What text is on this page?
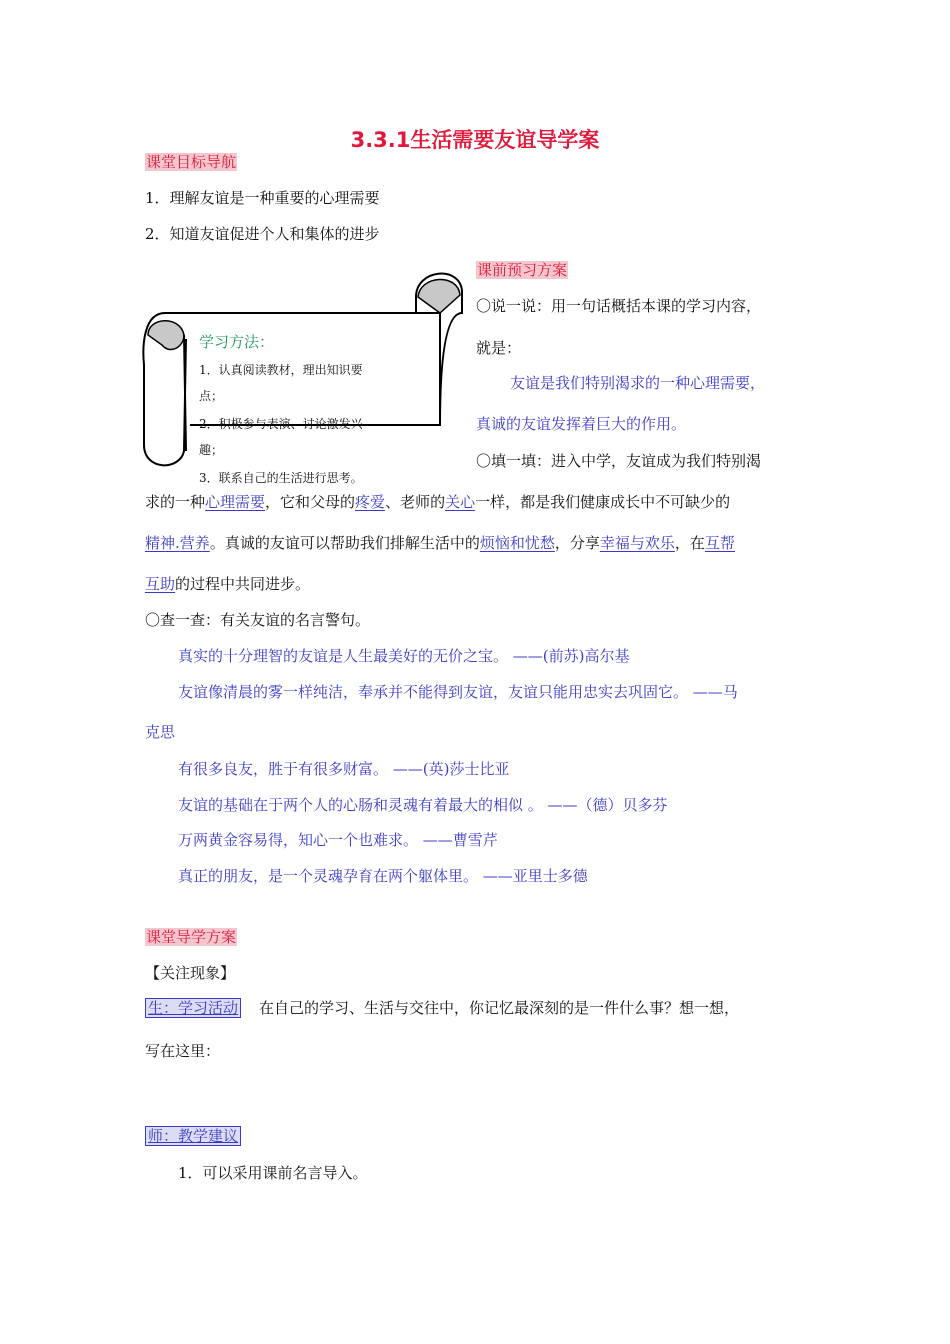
3.3.1生活需要友谊导学案
课堂目标导航
1．理解友谊是一种重要的心理需要
2．知道友谊促进个人和集体的进步
学习方法：
1．认真阅读教材，理出知识要
点；
2．积极参与表演、讨论激发兴
趣；
3．联系自己的生活进行思考。
课前预习方案
〇说一说：用一句话概括本课的学习内容，
就是：
友谊是我们特别渴求的一种心理需要，
真诚的友谊发挥着巨大的作用。
〇填一填：进入中学，友谊成为我们特别渴
求的一种心理需要，它和父母的疼爱、老师的关心一样，都是我们健康成长中不可缺少的
精神.营养。真诚的友谊可以帮助我们排解生活中的烦恼和忧愁，分享幸福与欢乐，在互帮
互助的过程中共同进步。
〇查一查：有关友谊的名言警句。
真实的十分理智的友谊是人生最美好的无价之宝。 ——(前苏)高尔基
友谊像清晨的雾一样纯洁，奉承并不能得到友谊，友谊只能用忠实去巩固它。 ——马
克思
有很多良友，胜于有很多财富。 ——(英)莎士比亚
友谊的基础在于两个人的心肠和灵魂有着最大的相似 。 ——（德）贝多芬
万两黄金容易得，知心一个也难求。 ——曹雪芹
真正的朋友，是一个灵魂孕育在两个躯体里。 ——亚里士多德
课堂导学方案
【关注现象】
生：学习活动 在自己的学习、生活与交往中，你记忆最深刻的是一件什么事？想一想，
写在这里：
师：教学建议
1．可以采用课前名言导入。
